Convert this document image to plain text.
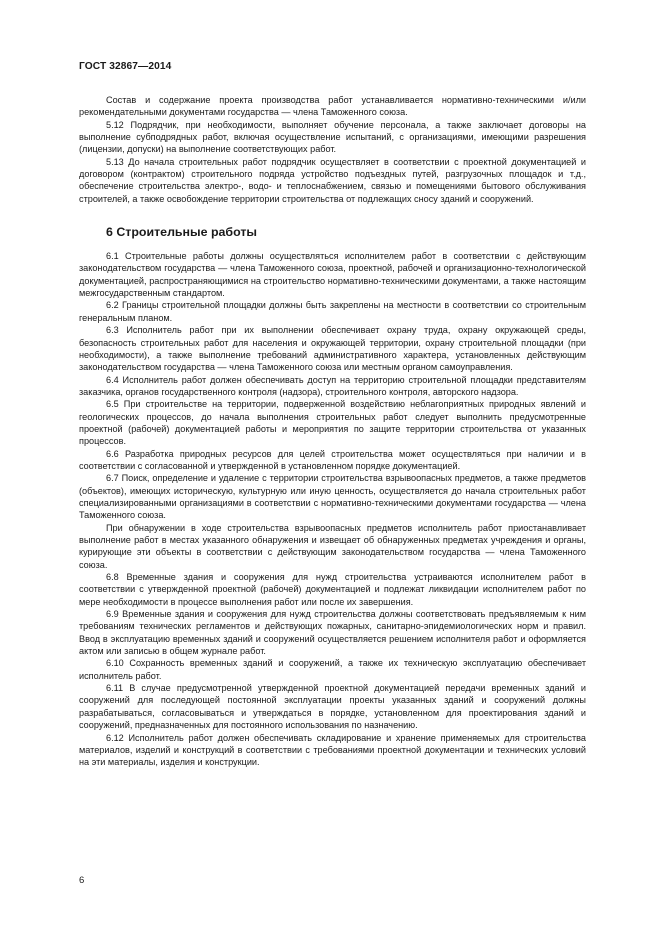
ГОСТ 32867—2014

Состав и содержание проекта производства работ устанавливается нормативно-техническими и/или рекомендательными документами государства — члена Таможенного союза.

5.12 Подрядчик, при необходимости, выполняет обучение персонала, а также заключает договоры на выполнение субподрядных работ, включая осуществление испытаний, с организациями, имеющими разрешения (лицензии, допуски) на выполнение соответствующих работ.

5.13 До начала строительных работ подрядчик осуществляет в соответствии с проектной документацией и договором (контрактом) строительного подряда устройство подъездных путей, разгрузочных площадок и т.д., обеспечение строительства электро-, водо- и теплоснабжением, связью и помещениями бытового обслуживания строителей, а также освобождение территории строительства от подлежащих сносу зданий и сооружений.

6 Строительные работы

6.1 Строительные работы должны осуществляться исполнителем работ в соответствии с действующим законодательством государства — члена Таможенного союза, проектной, рабочей и организационно-технологической документацией, распространяющимися на строительство нормативно-техническими документами, а также настоящим межгосударственным стандартом.

6.2 Границы строительной площадки должны быть закреплены на местности в соответствии со строительным генеральным планом.

6.3 Исполнитель работ при их выполнении обеспечивает охрану труда, охрану окружающей среды, безопасность строительных работ для населения и окружающей территории, охрану строительной площадки (при необходимости), а также выполнение требований административного характера, установленных действующим законодательством государства — члена Таможенного союза или местным органом самоуправления.

6.4 Исполнитель работ должен обеспечивать доступ на территорию строительной площадки представителям заказчика, органов государственного контроля (надзора), строительного контроля, авторского надзора.

6.5 При строительстве на территории, подверженной воздействию неблагоприятных природных явлений и геологических процессов, до начала выполнения строительных работ следует выполнить предусмотренные проектной (рабочей) документацией работы и мероприятия по защите территории строительства от указанных процессов.

6.6 Разработка природных ресурсов для целей строительства может осуществляться при наличии и в соответствии с согласованной и утвержденной в установленном порядке документацией.

6.7 Поиск, определение и удаление с территории строительства взрывоопасных предметов, а также предметов (объектов), имеющих историческую, культурную или иную ценность, осуществляется до начала строительных работ специализированными организациями в соответствии с нормативно-техническими документами государства — члена Таможенного союза.

При обнаружении в ходе строительства взрывоопасных предметов исполнитель работ приостанавливает выполнение работ в местах указанного обнаружения и извещает об обнаруженных предметах учреждения и органы, курирующие эти объекты в соответствии с действующим законодательством государства — члена Таможенного союза.

6.8 Временные здания и сооружения для нужд строительства устраиваются исполнителем работ в соответствии с утвержденной проектной (рабочей) документацией и подлежат ликвидации исполнителем работ по мере необходимости в процессе выполнения работ или после их завершения.

6.9 Временные здания и сооружения для нужд строительства должны соответствовать предъявляемым к ним требованиям технических регламентов и действующих пожарных, санитарно-эпидемиологических норм и правил. Ввод в эксплуатацию временных зданий и сооружений осуществляется решением исполнителя работ и оформляется актом или записью в общем журнале работ.

6.10 Сохранность временных зданий и сооружений, а также их техническую эксплуатацию обеспечивает исполнитель работ.

6.11 В случае предусмотренной утвержденной проектной документацией передачи временных зданий и сооружений для последующей постоянной эксплуатации проекты указанных зданий и сооружений должны разрабатываться, согласовываться и утверждаться в порядке, установленном для проектирования зданий и сооружений, предназначенных для постоянного использования по назначению.

6.12 Исполнитель работ должен обеспечивать складирование и хранение применяемых для строительства материалов, изделий и конструкций в соответствии с требованиями проектной документации и технических условий на эти материалы, изделия и конструкции.

6
